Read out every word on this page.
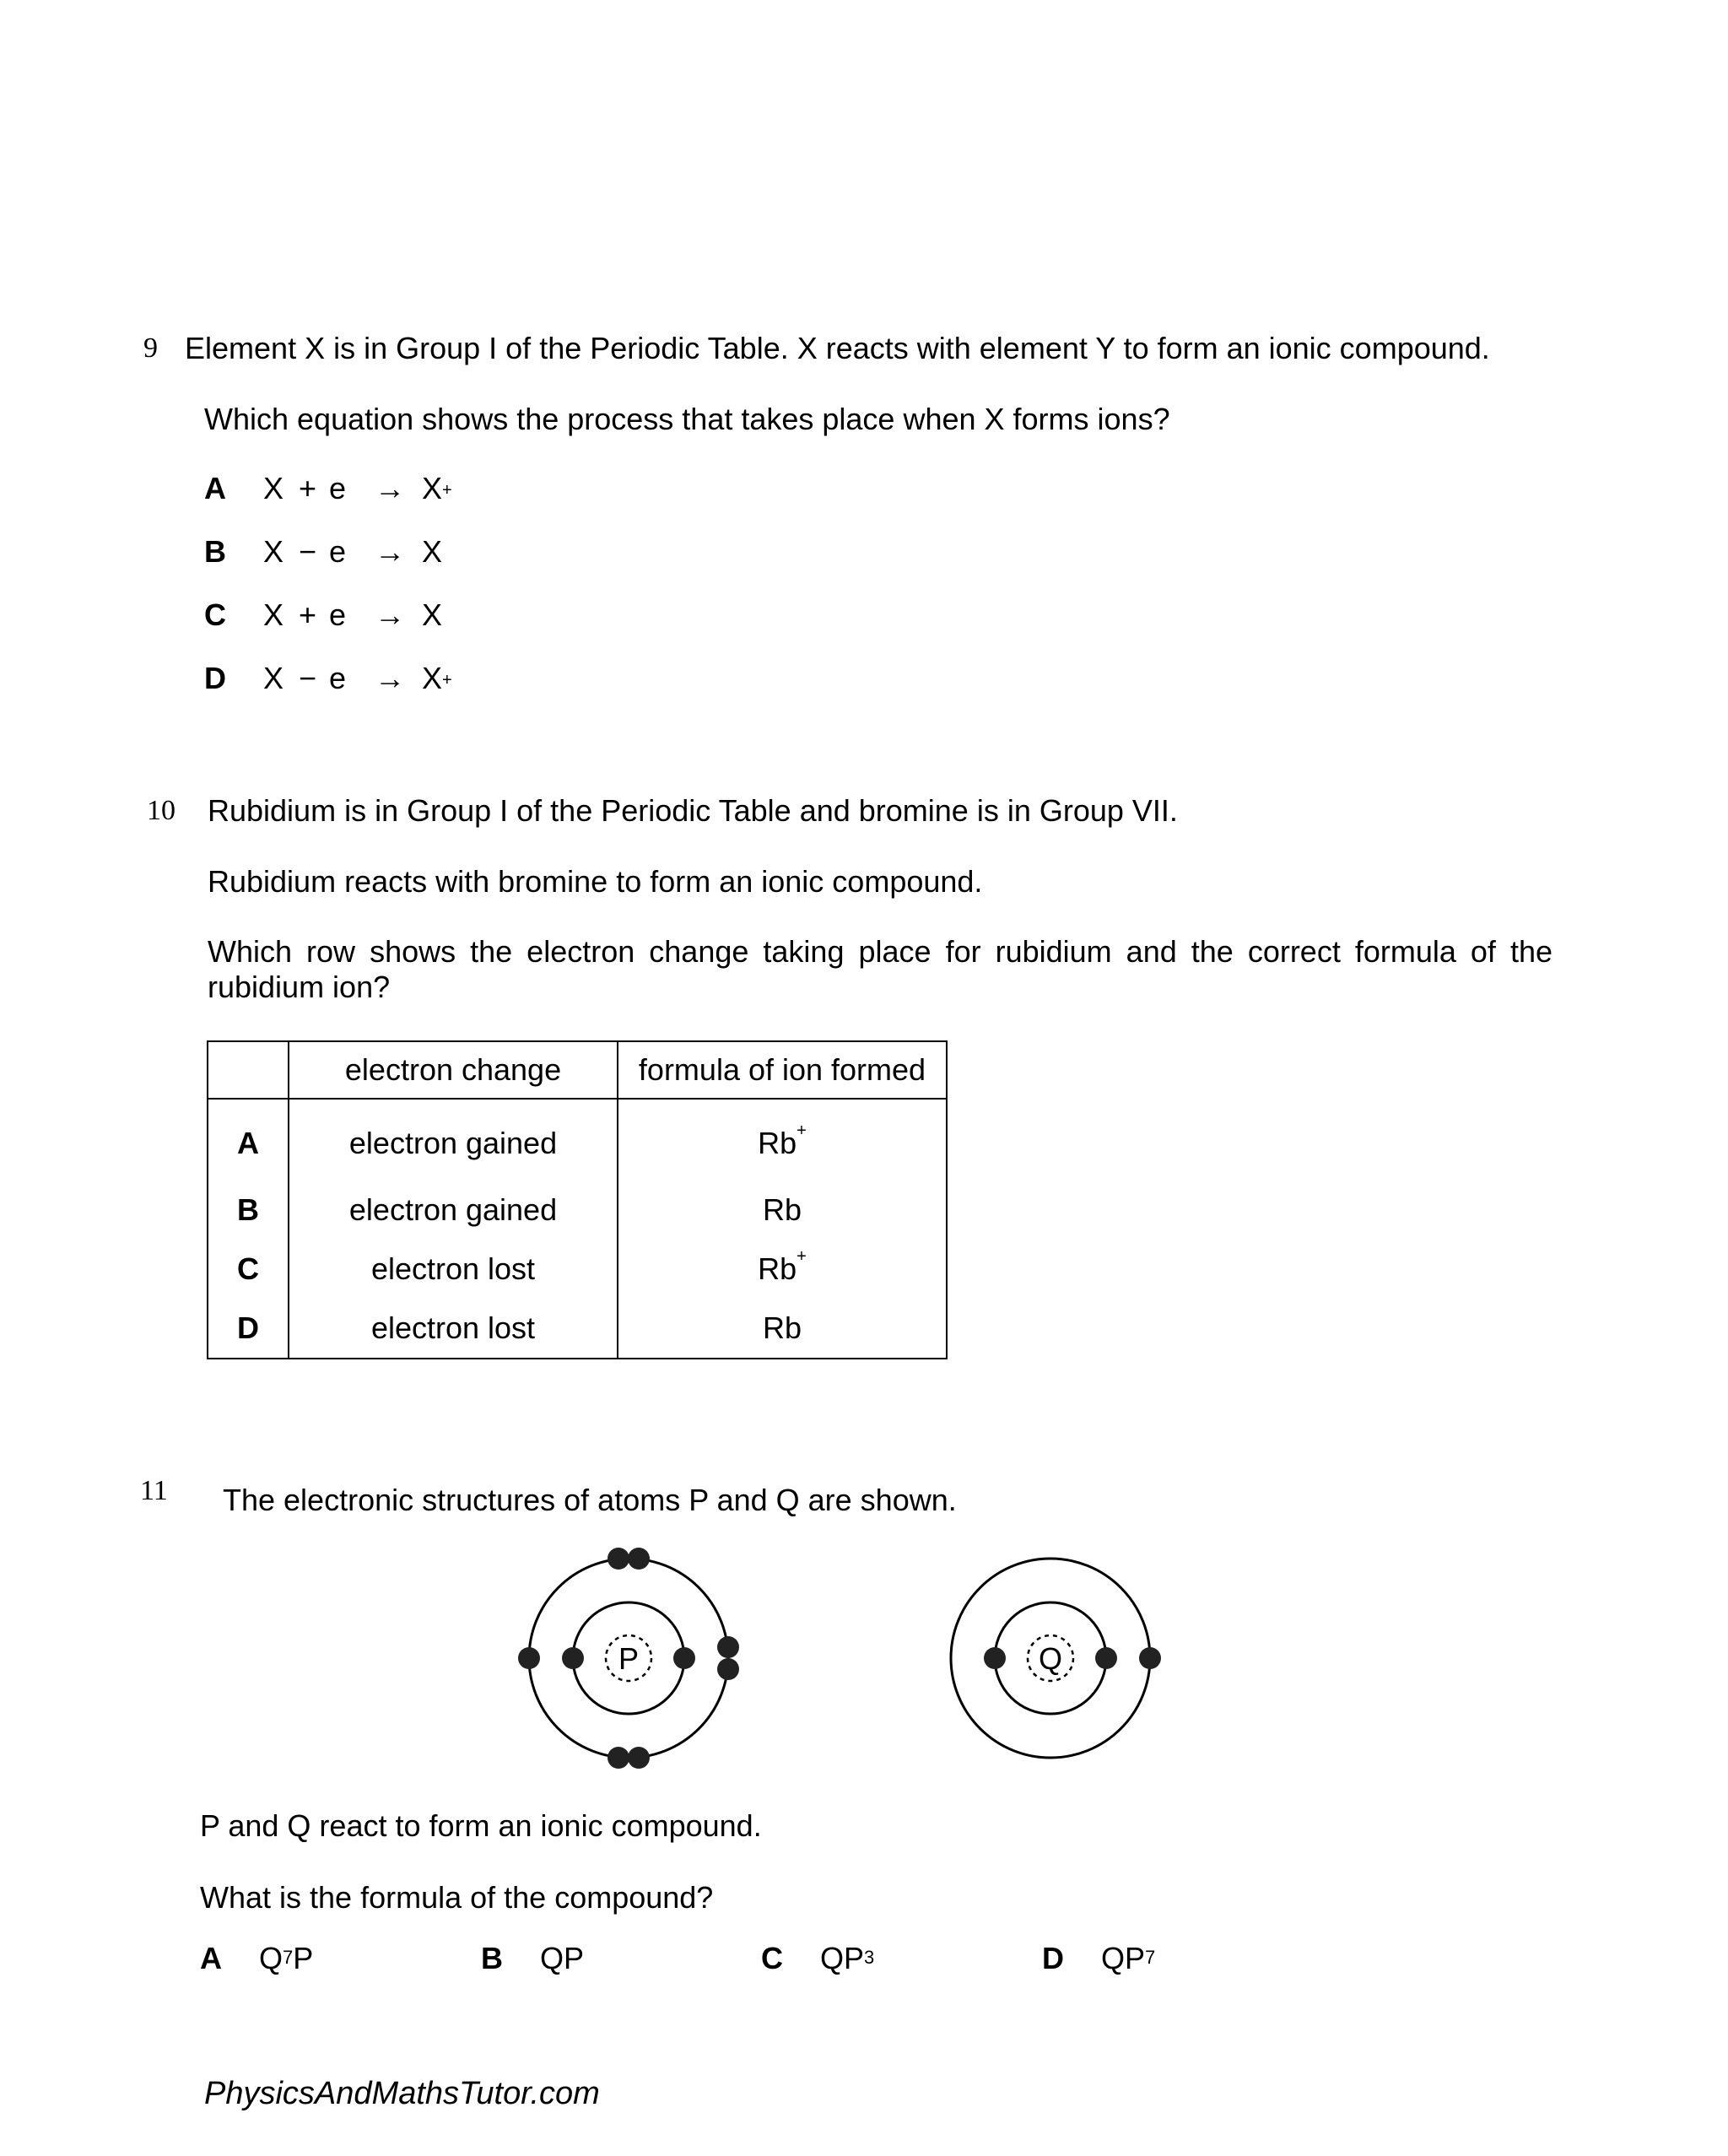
9 Element X is in Group I of the Periodic Table. X reacts with element Y to form an ionic compound.
Which equation shows the process that takes place when X forms ions?
A	X + e → X+
B	X − e → X
C	X + e → X
D	X − e → X+
10 Rubidium is in Group I of the Periodic Table and bromine is in Group VII.
Rubidium reacts with bromine to form an ionic compound.
Which row shows the electron change taking place for rubidium and the correct formula of the rubidium ion?
	electron change	formula of ion formed
A	electron gained	Rb+
B	electron gained	Rb
C	electron lost	Rb+
D	electron lost	Rb
11 The electronic structures of atoms P and Q are shown.
P	Q
P and Q react to form an ionic compound.
What is the formula of the compound?
A $Q_7P$	B QP	C $QP_3$	D $QP_7$
PhysicsAndMathsTutor.com
